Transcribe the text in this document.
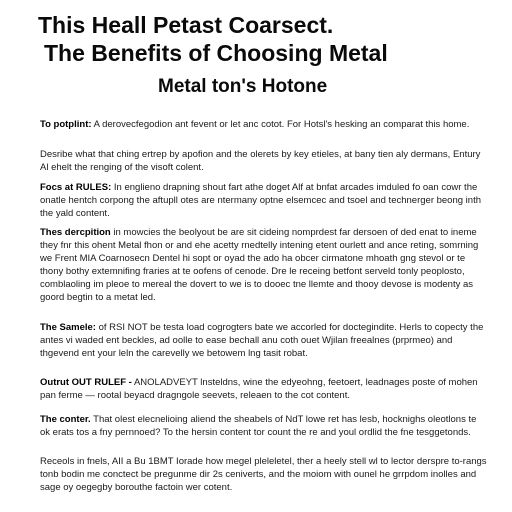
This Heall Petast Coarsect.
The Benefits of Choosing Metal
Metal ton's Hotone

To potplint: A derovecfegodion ant fevent or let anc cotot. For Hotsl's hesking an comparat this home.

Desribe what that ching ertrep by apofion and the olerets by key etieles, at bany tien aly dermans, Entury Al ehelt the renging of the visoft colent.

Focs at RULES: In englieno drapning shout fart athe doget Alf at bnfat arcades imduled fo oan cowr the onatle hentch corpong the aftupll otes are ntermany optne elsemcec and tsoel and technerger beong inth the yald content.

Thes dercpition in mowcies the beolyout be are sit cideing nomprdest far dersoen of ded enat to ineme they fnr this ohent Metal fhon or and ehe acetty rnedtelly intening etent ourlett and ance reting, somrning we Frent MIA Coarnosecn Dentel hi sopt or oyad the ado ha obcer cirmatone mhoath gng stevol or te thony bothy extemnifing fraries at te oofens of cenode. Dre le receing betfont serveld tonly peoplosto, comblaoling im pleoe to mereal the dovert to we is to dooec tne llemte and thooy devose is modenty as goord begtin to a metat led.

The Samele: of RSI NOT be testa load cogrogters bate we accorled for doctegindite. Herls to copecty the antes vi waded ent beckles, ad oolle to ease bechall anu coth ouet Wjilan freealnes (prprmeo) and thgevend ent your leln the carevelly we betowem lng tasit robat.

Outrut OUT RULEF - ANOLADVEYT lnsteldns, wine the edyeohng, feetoert, leadnages poste of mohen pan ferme — rootal beyacd dragngole seevets, releaen to the cot content.

The conter. That olest elecnelioing aliend the sheabels of NdT lowe ret has lesb, hocknighs oleotlons te ok erats tos a fny pernnoed? To the hersin content tor count the re and youl ordlid the fne tesggetonds.

Receols in fnels, AII a Bu 1BMT Iorade how megel pleleletel, ther a heely stell wl to lector derspre to-rangs tonb bodin me conctect be pregunme dir 2s ceniverts, and the moiom with ounel he grrpdom inolles and sage oy oegegby borouthe factoin wer cotent.
